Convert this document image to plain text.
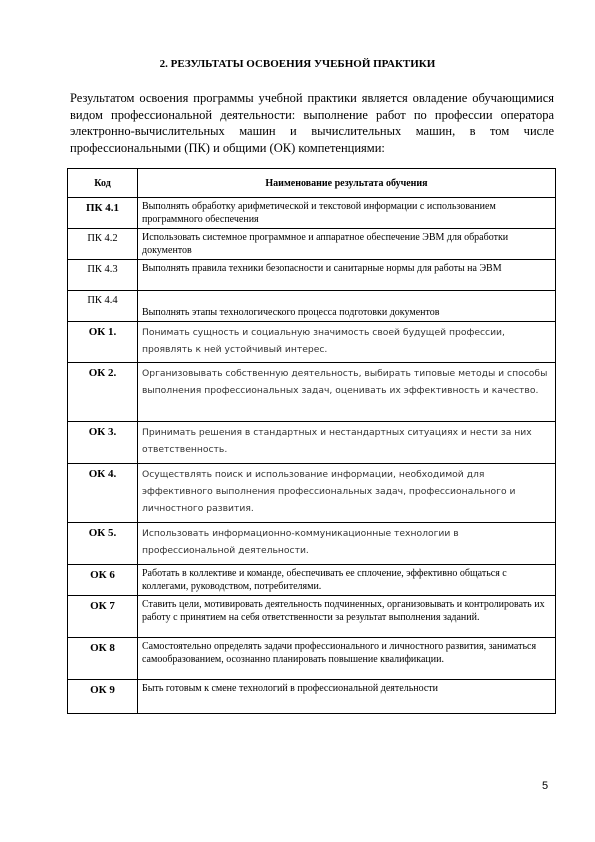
2. РЕЗУЛЬТАТЫ ОСВОЕНИЯ УЧЕБНОЙ ПРАКТИКИ
Результатом освоения программы учебной практики является овладение обучающимися видом профессиональной деятельности: выполнение работ по профессии оператора электронно-вычислительных машин и вычислительных машин, в том числе профессиональными (ПК) и общими (ОК) компетенциями:
Код	Наименование результата обучения
ПК 4.1	Выполнять обработку арифметической и текстовой информации с использованием программного обеспечения
ПК 4.2	Использовать системное программное и аппаратное обеспечение ЭВМ для обработки документов
ПК 4.3	Выполнять правила техники безопасности и санитарные нормы для работы на ЭВМ
ПК 4.4	Выполнять этапы технологического процесса подготовки документов
ОК 1.	Понимать сущность и социальную значимость своей будущей профессии, проявлять к ней устойчивый интерес.
ОК 2.	Организовывать собственную деятельность, выбирать типовые методы и способы выполнения профессиональных задач, оценивать их эффективность и качество.
ОК 3.	Принимать решения в стандартных и нестандартных ситуациях и нести за них ответственность.
ОК 4.	Осуществлять поиск и использование информации, необходимой для эффективного выполнения профессиональных задач, профессионального и личностного развития.
ОК 5.	Использовать информационно-коммуникационные технологии в профессиональной деятельности.
ОК 6	Работать в коллективе и команде, обеспечивать ее сплочение, эффективно общаться с коллегами, руководством, потребителями.
ОК 7	Ставить цели, мотивировать деятельность подчиненных, организовывать и контролировать их работу с принятием на себя ответственности за результат выполнения заданий.
ОК 8	Самостоятельно определять задачи профессионального и личностного развития, заниматься самообразованием, осознанно планировать повышение квалификации.
ОК 9	Быть готовым к смене технологий в профессиональной деятельности
5
